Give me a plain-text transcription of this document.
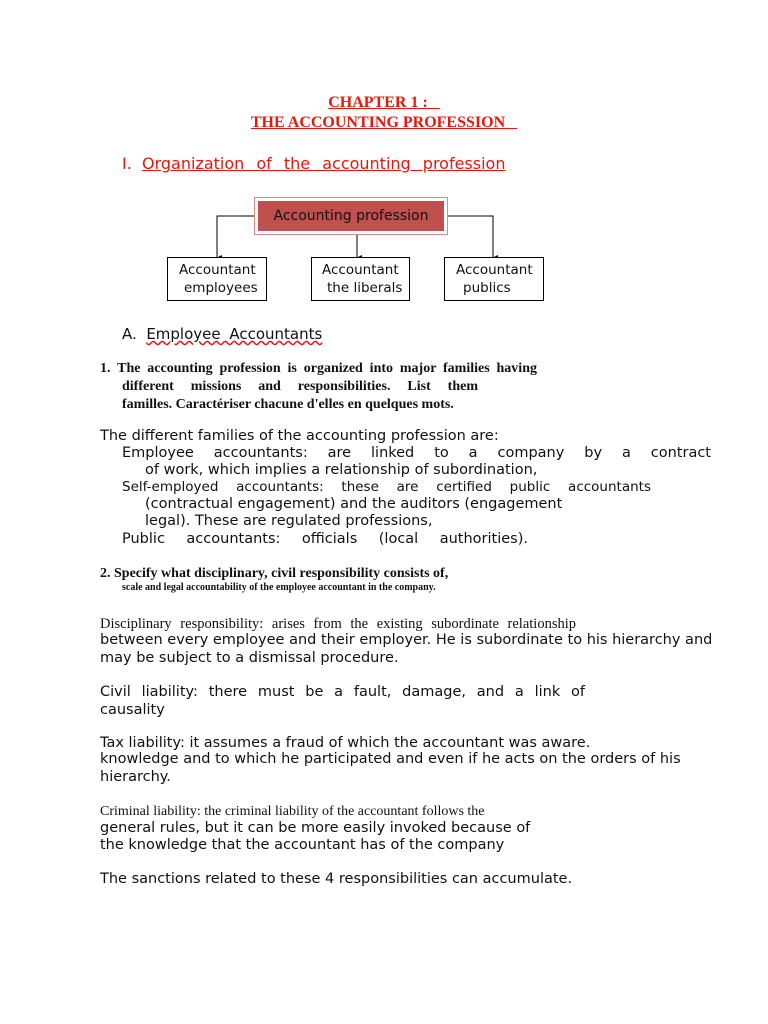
CHAPTER 1 :

THE ACCOUNTING PROFESSION

I. Organization of the accounting profession

Accounting profession
Accountant
employees
Accountant
the liberals
Accountant
publics

A. Employee Accountants

1. The accounting profession is organized into major families having

different missions and responsibilities. List them

familles. Caractériser chacune d'elles en quelques mots.

The different families of the accounting profession are:

Employee accountants: are linked to a company by a contract

of work, which implies a relationship of subordination,

Self-employed accountants: these are certified public accountants

(contractual engagement) and the auditors (engagement

legal). These are regulated professions,

Public accountants: officials (local authorities).

2. Specify what disciplinary, civil responsibility consists of,

scale and legal accountability of the employee accountant in the company.

Disciplinary responsibility: arises from the existing subordinate relationship

between every employee and their employer. He is subordinate to his hierarchy and

may be subject to a dismissal procedure.

Civil liability: there must be a fault, damage, and a link of

causality

Tax liability: it assumes a fraud of which the accountant was aware.

knowledge and to which he participated and even if he acts on the orders of his

hierarchy.

Criminal liability: the criminal liability of the accountant follows the

general rules, but it can be more easily invoked because of

the knowledge that the accountant has of the company

The sanctions related to these 4 responsibilities can accumulate.
